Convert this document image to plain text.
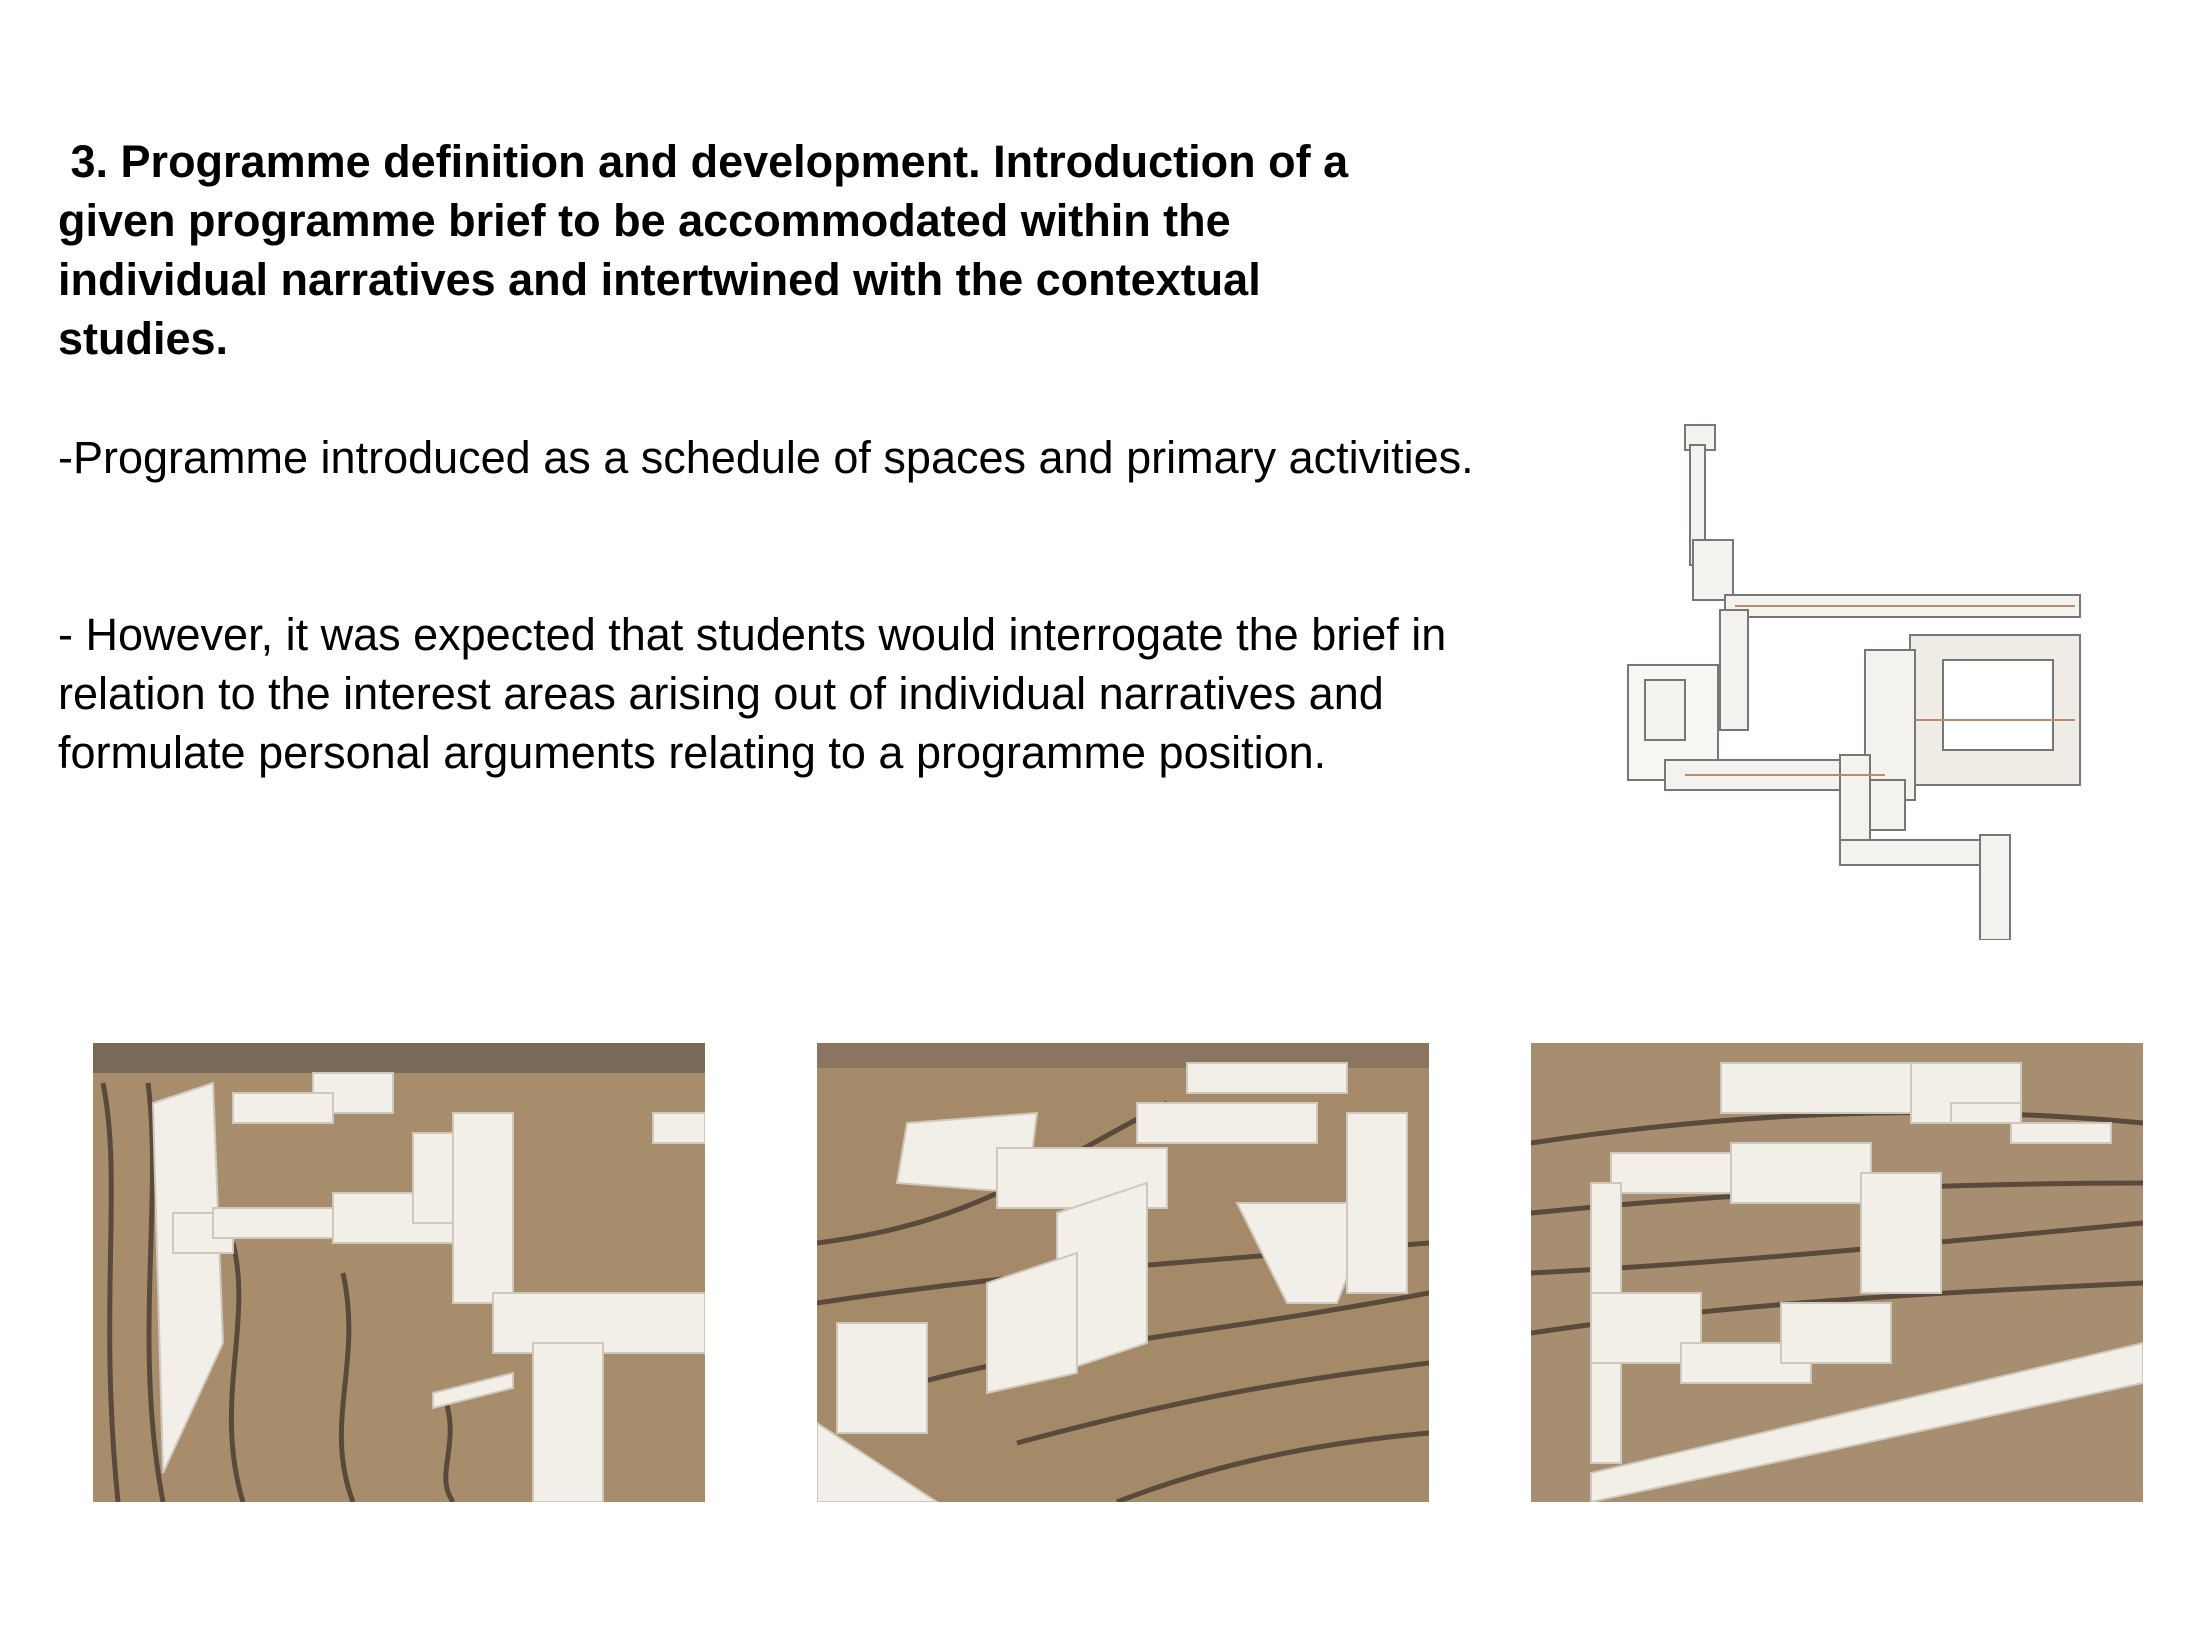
3. Programme definition and development. Introduction of a given programme brief to be accommodated within the individual narratives and intertwined with the contextual studies.

-Programme introduced as a schedule of spaces and primary activities.

- However, it was expected that students would interrogate the brief in relation to the interest areas arising out of individual narratives and formulate personal arguments relating to a programme position.
